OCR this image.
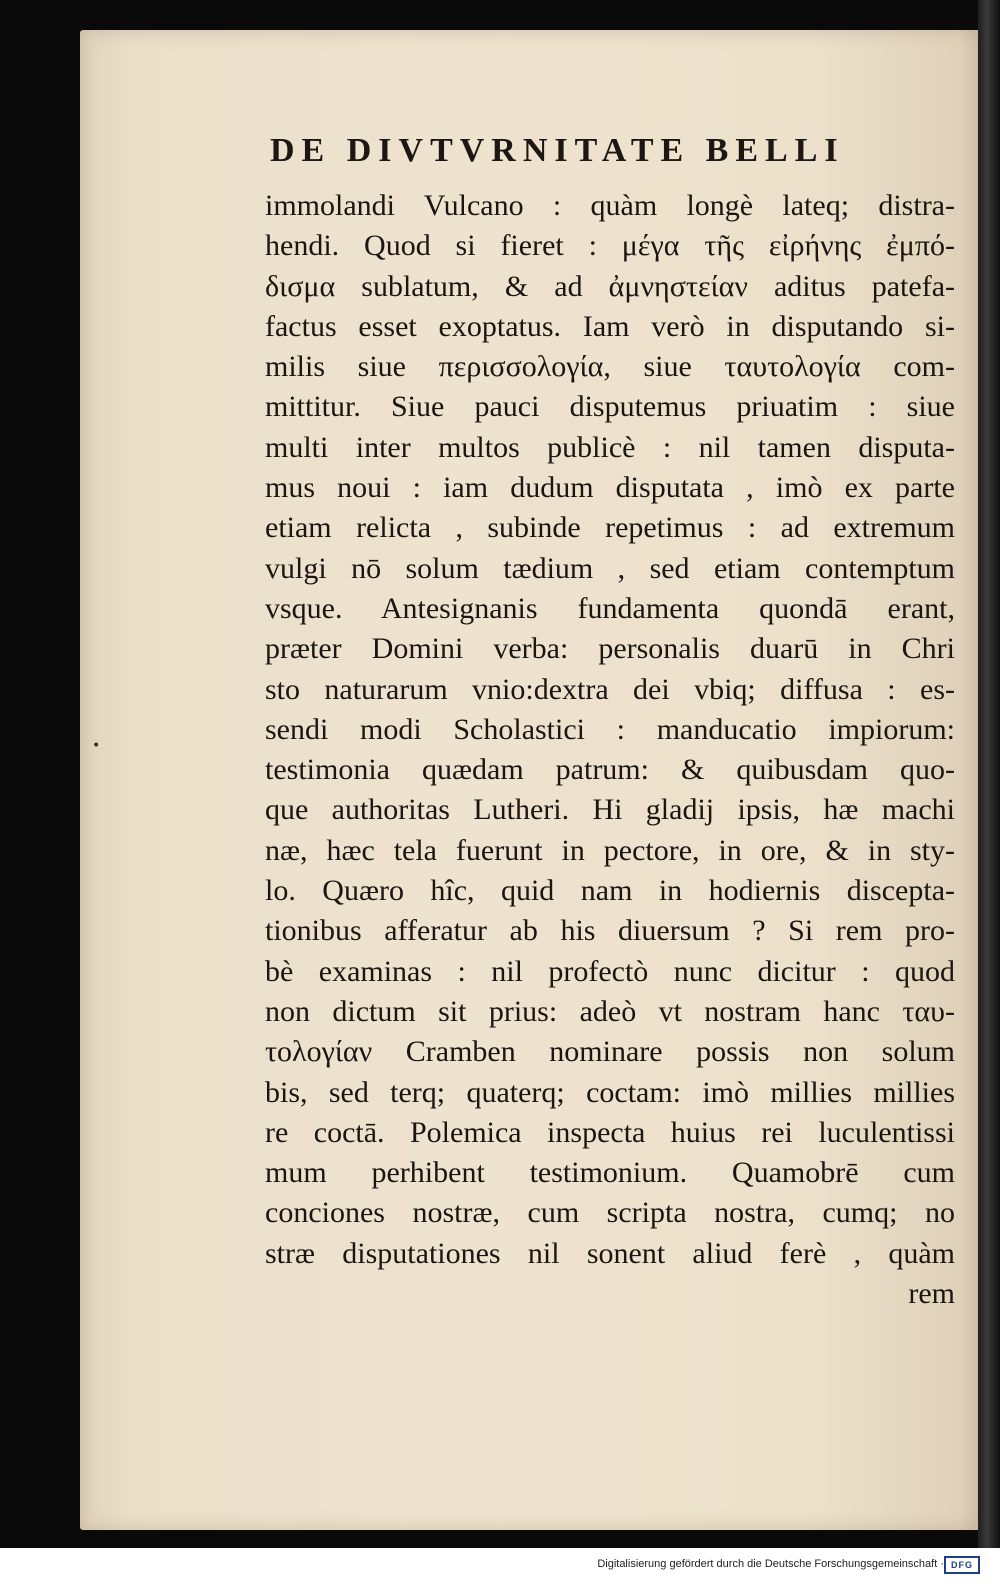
DE DIVTVRNITATE BELLI
immolandi Vulcano : quàm longè lateq; distra-
hendi. Quod si fieret : μέγα τῆς εἰρήνης ἐμπό-
δισμα sublatum, & ad ἀμνηστείαν aditus patefa-
factus esset exoptatus. Iam verò in disputando si-
milis siue περισσολογία, siue ταυτολογία com-
mittitur. Siue pauci disputemus priuatim : siue
multi inter multos publicè : nil tamen disputa-
mus noui : iam dudum disputata , imò ex parte
etiam relicta , subinde repetimus : ad extremum
vulgi nō solum tædium , sed etiam contemptum
vsque. Antesignanis fundamenta quondā erant,
præter Domini verba: personalis duarū in Chri
sto naturarum vnio:dextra dei vbiq; diffusa : es-
sendi modi Scholastici : manducatio impiorum:
testimonia quædam patrum: & quibusdam quo-
que authoritas Lutheri. Hi gladij ipsis, hæ machi
næ, hæc tela fuerunt in pectore, in ore, & in sty-
lo. Quæro hîc, quid nam in hodiernis discepta-
tionibus afferatur ab his diuersum ? Si rem pro-
bè examinas : nil profectò nunc dicitur : quod
non dictum sit prius: adeò vt nostram hanc ταυ-
τολογίαν Cramben nominare possis non solum
bis, sed terq; quaterq; coctam: imò millies millies
re coctā. Polemica inspecta huius rei luculentissi
mum perhibent testimonium. Quamobrē cum
conciones nostræ, cum scripta nostra, cumq; no
stræ disputationes nil sonent aliud ferè , quàm
rem
•
Digitalisierung gefördert durch die Deutsche Forschungsgemeinschaft · DFG
